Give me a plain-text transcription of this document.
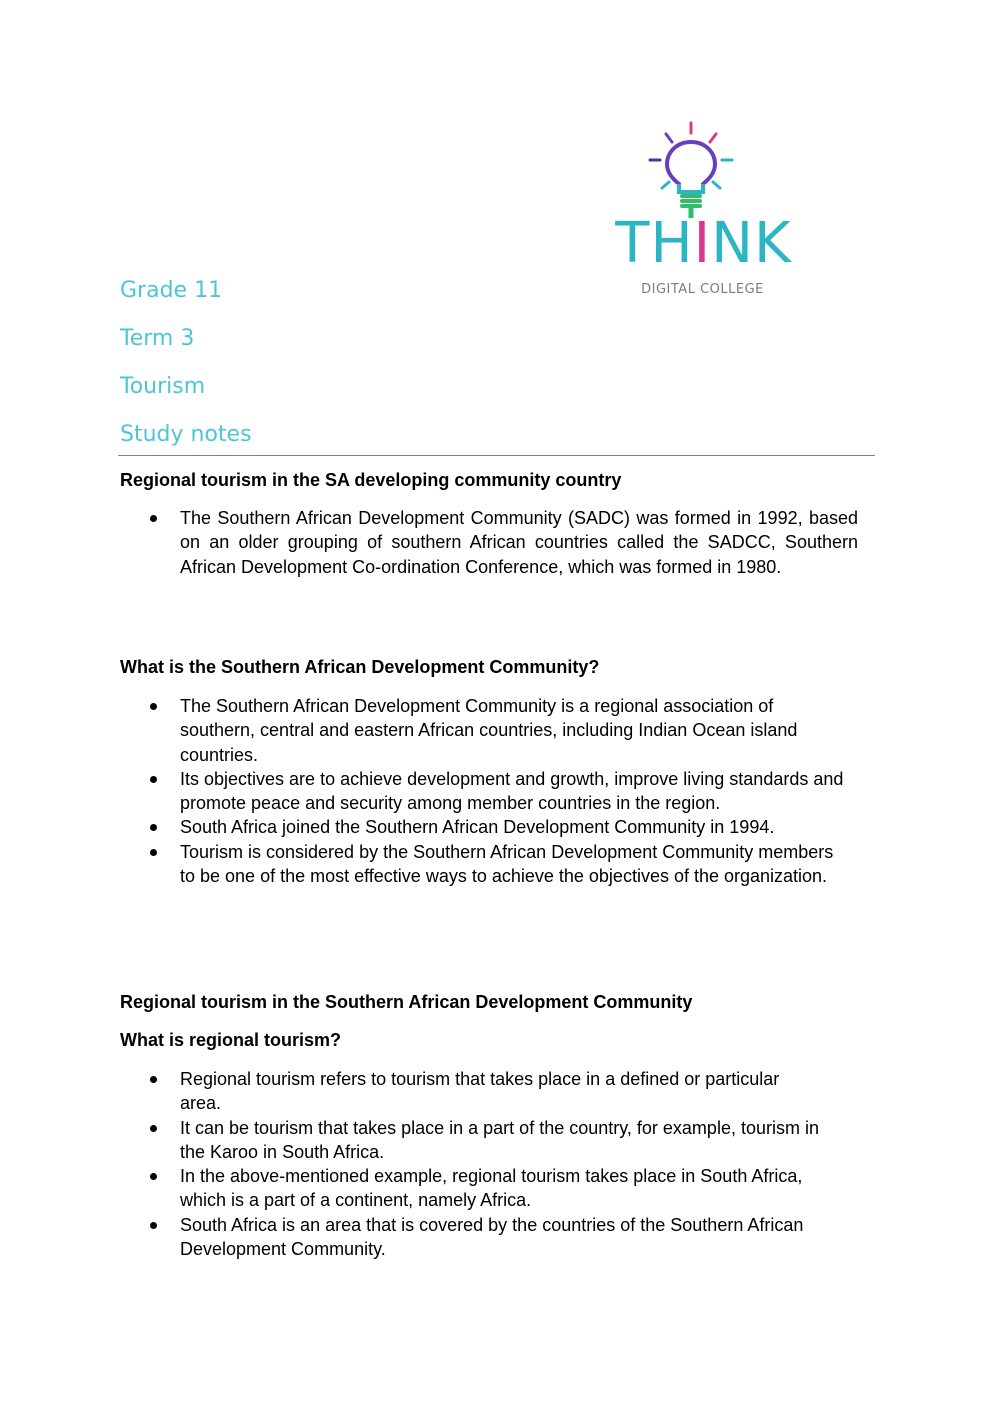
THINK
DIGITAL COLLEGE

Grade 11

Term 3

Tourism

Study notes

Regional tourism in the SA developing community country
The Southern African Development Community (SADC) was formed in 1992, based on an older grouping of southern African countries called the SADCC, Southern African Development Co-ordination Conference, which was formed in 1980.
What is the Southern African Development Community?
The Southern African Development Community is a regional association of southern, central and eastern African countries, including Indian Ocean island countries.
Its objectives are to achieve development and growth, improve living standards and promote peace and security among member countries in the region.
South Africa joined the Southern African Development Community in 1994.
Tourism is considered by the Southern African Development Community members to be one of the most effective ways to achieve the objectives of the organization.
Regional tourism in the Southern African Development Community
What is regional tourism?
Regional tourism refers to tourism that takes place in a defined or particular area.
It can be tourism that takes place in a part of the country, for example, tourism in the Karoo in South Africa.
In the above-mentioned example, regional tourism takes place in South Africa, which is a part of a continent, namely Africa.
South Africa is an area that is covered by the countries of the Southern African Development Community.
